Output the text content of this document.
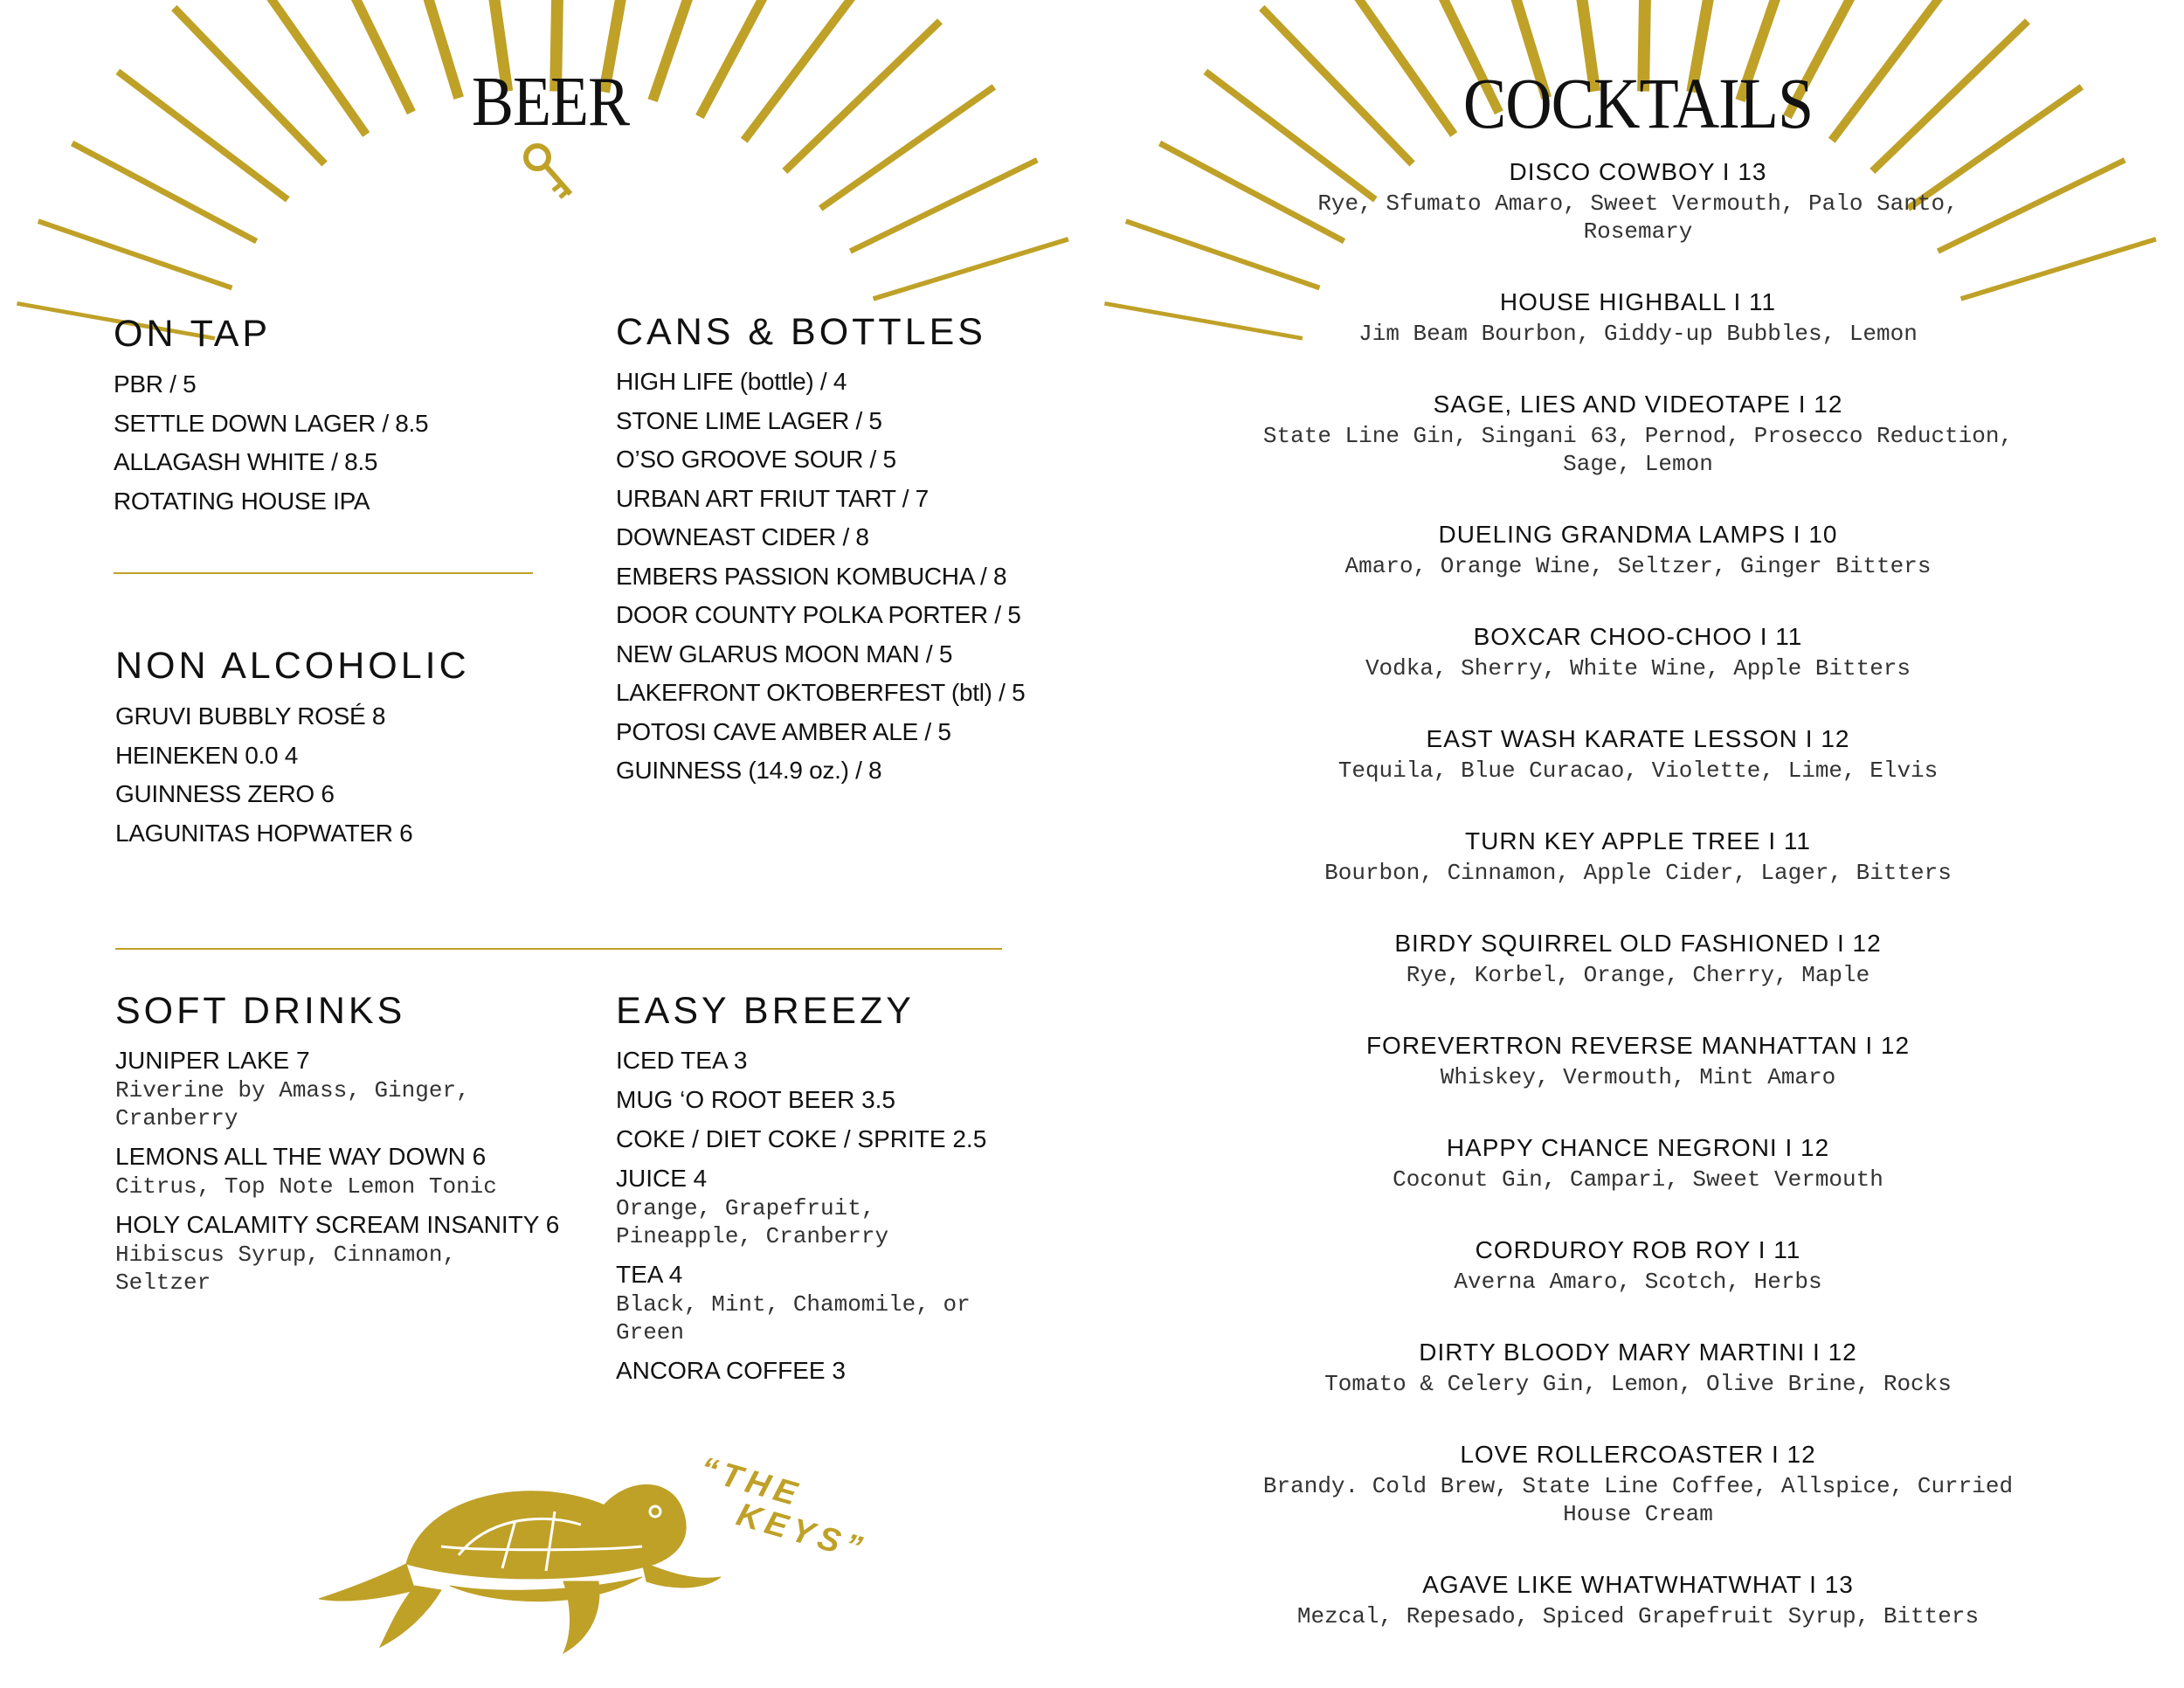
BEER
ON TAP
PBR / 5
SETTLE DOWN LAGER / 8.5
ALLAGASH WHITE / 8.5
ROTATING HOUSE IPA
CANS & BOTTLES
HIGH LIFE (bottle) / 4
STONE LIME LAGER / 5
O’SO GROOVE SOUR / 5
URBAN ART FRIUT TART / 7
DOWNEAST CIDER / 8
EMBERS PASSION KOMBUCHA / 8
DOOR COUNTY POLKA PORTER / 5
NEW GLARUS MOON MAN / 5
LAKEFRONT OKTOBERFEST (btl) / 5
POTOSI CAVE AMBER ALE / 5
GUINNESS (14.9 oz.) / 8
NON ALCOHOLIC
GRUVI BUBBLY ROSÉ 8
HEINEKEN 0.0 4
GUINNESS ZERO 6
LAGUNITAS HOPWATER 6
SOFT DRINKS
JUNIPER LAKE 7
Riverine by Amass, Ginger, Cranberry
LEMONS ALL THE WAY DOWN 6
Citrus, Top Note Lemon Tonic
HOLY CALAMITY SCREAM INSANITY 6
Hibiscus Syrup, Cinnamon, Seltzer
EASY BREEZY
ICED TEA 3
MUG ‘O ROOT BEER 3.5
COKE / DIET COKE / SPRITE 2.5
JUICE 4
Orange, Grapefruit, Pineapple, Cranberry
TEA 4
Black, Mint, Chamomile, or Green
ANCORA COFFEE 3
“THE
KEYS”
COCKTAILS
DISCO COWBOY I 13
Rye, Sfumato Amaro, Sweet Vermouth, Palo Santo, Rosemary
HOUSE HIGHBALL I 11
Jim Beam Bourbon, Giddy-up Bubbles, Lemon
SAGE, LIES AND VIDEOTAPE I 12
State Line Gin, Singani 63, Pernod, Prosecco Reduction, Sage, Lemon
DUELING GRANDMA LAMPS I 10
Amaro, Orange Wine, Seltzer, Ginger Bitters
BOXCAR CHOO-CHOO I 11
Vodka, Sherry, White Wine, Apple Bitters
EAST WASH KARATE LESSON I 12
Tequila, Blue Curacao, Violette, Lime, Elvis
TURN KEY APPLE TREE I 11
Bourbon, Cinnamon, Apple Cider, Lager, Bitters
BIRDY SQUIRREL OLD FASHIONED I 12
Rye, Korbel, Orange, Cherry, Maple
FOREVERTRON REVERSE MANHATTAN I 12
Whiskey, Vermouth, Mint Amaro
HAPPY CHANCE NEGRONI I 12
Coconut Gin, Campari, Sweet Vermouth
CORDUROY ROB ROY I 11
Averna Amaro, Scotch, Herbs
DIRTY BLOODY MARY MARTINI I 12
Tomato & Celery Gin, Lemon, Olive Brine, Rocks
LOVE ROLLERCOASTER I 12
Brandy. Cold Brew, State Line Coffee, Allspice, Curried House Cream
AGAVE LIKE WHATWHATWHAT I 13
Mezcal, Repesado, Spiced Grapefruit Syrup, Bitters
